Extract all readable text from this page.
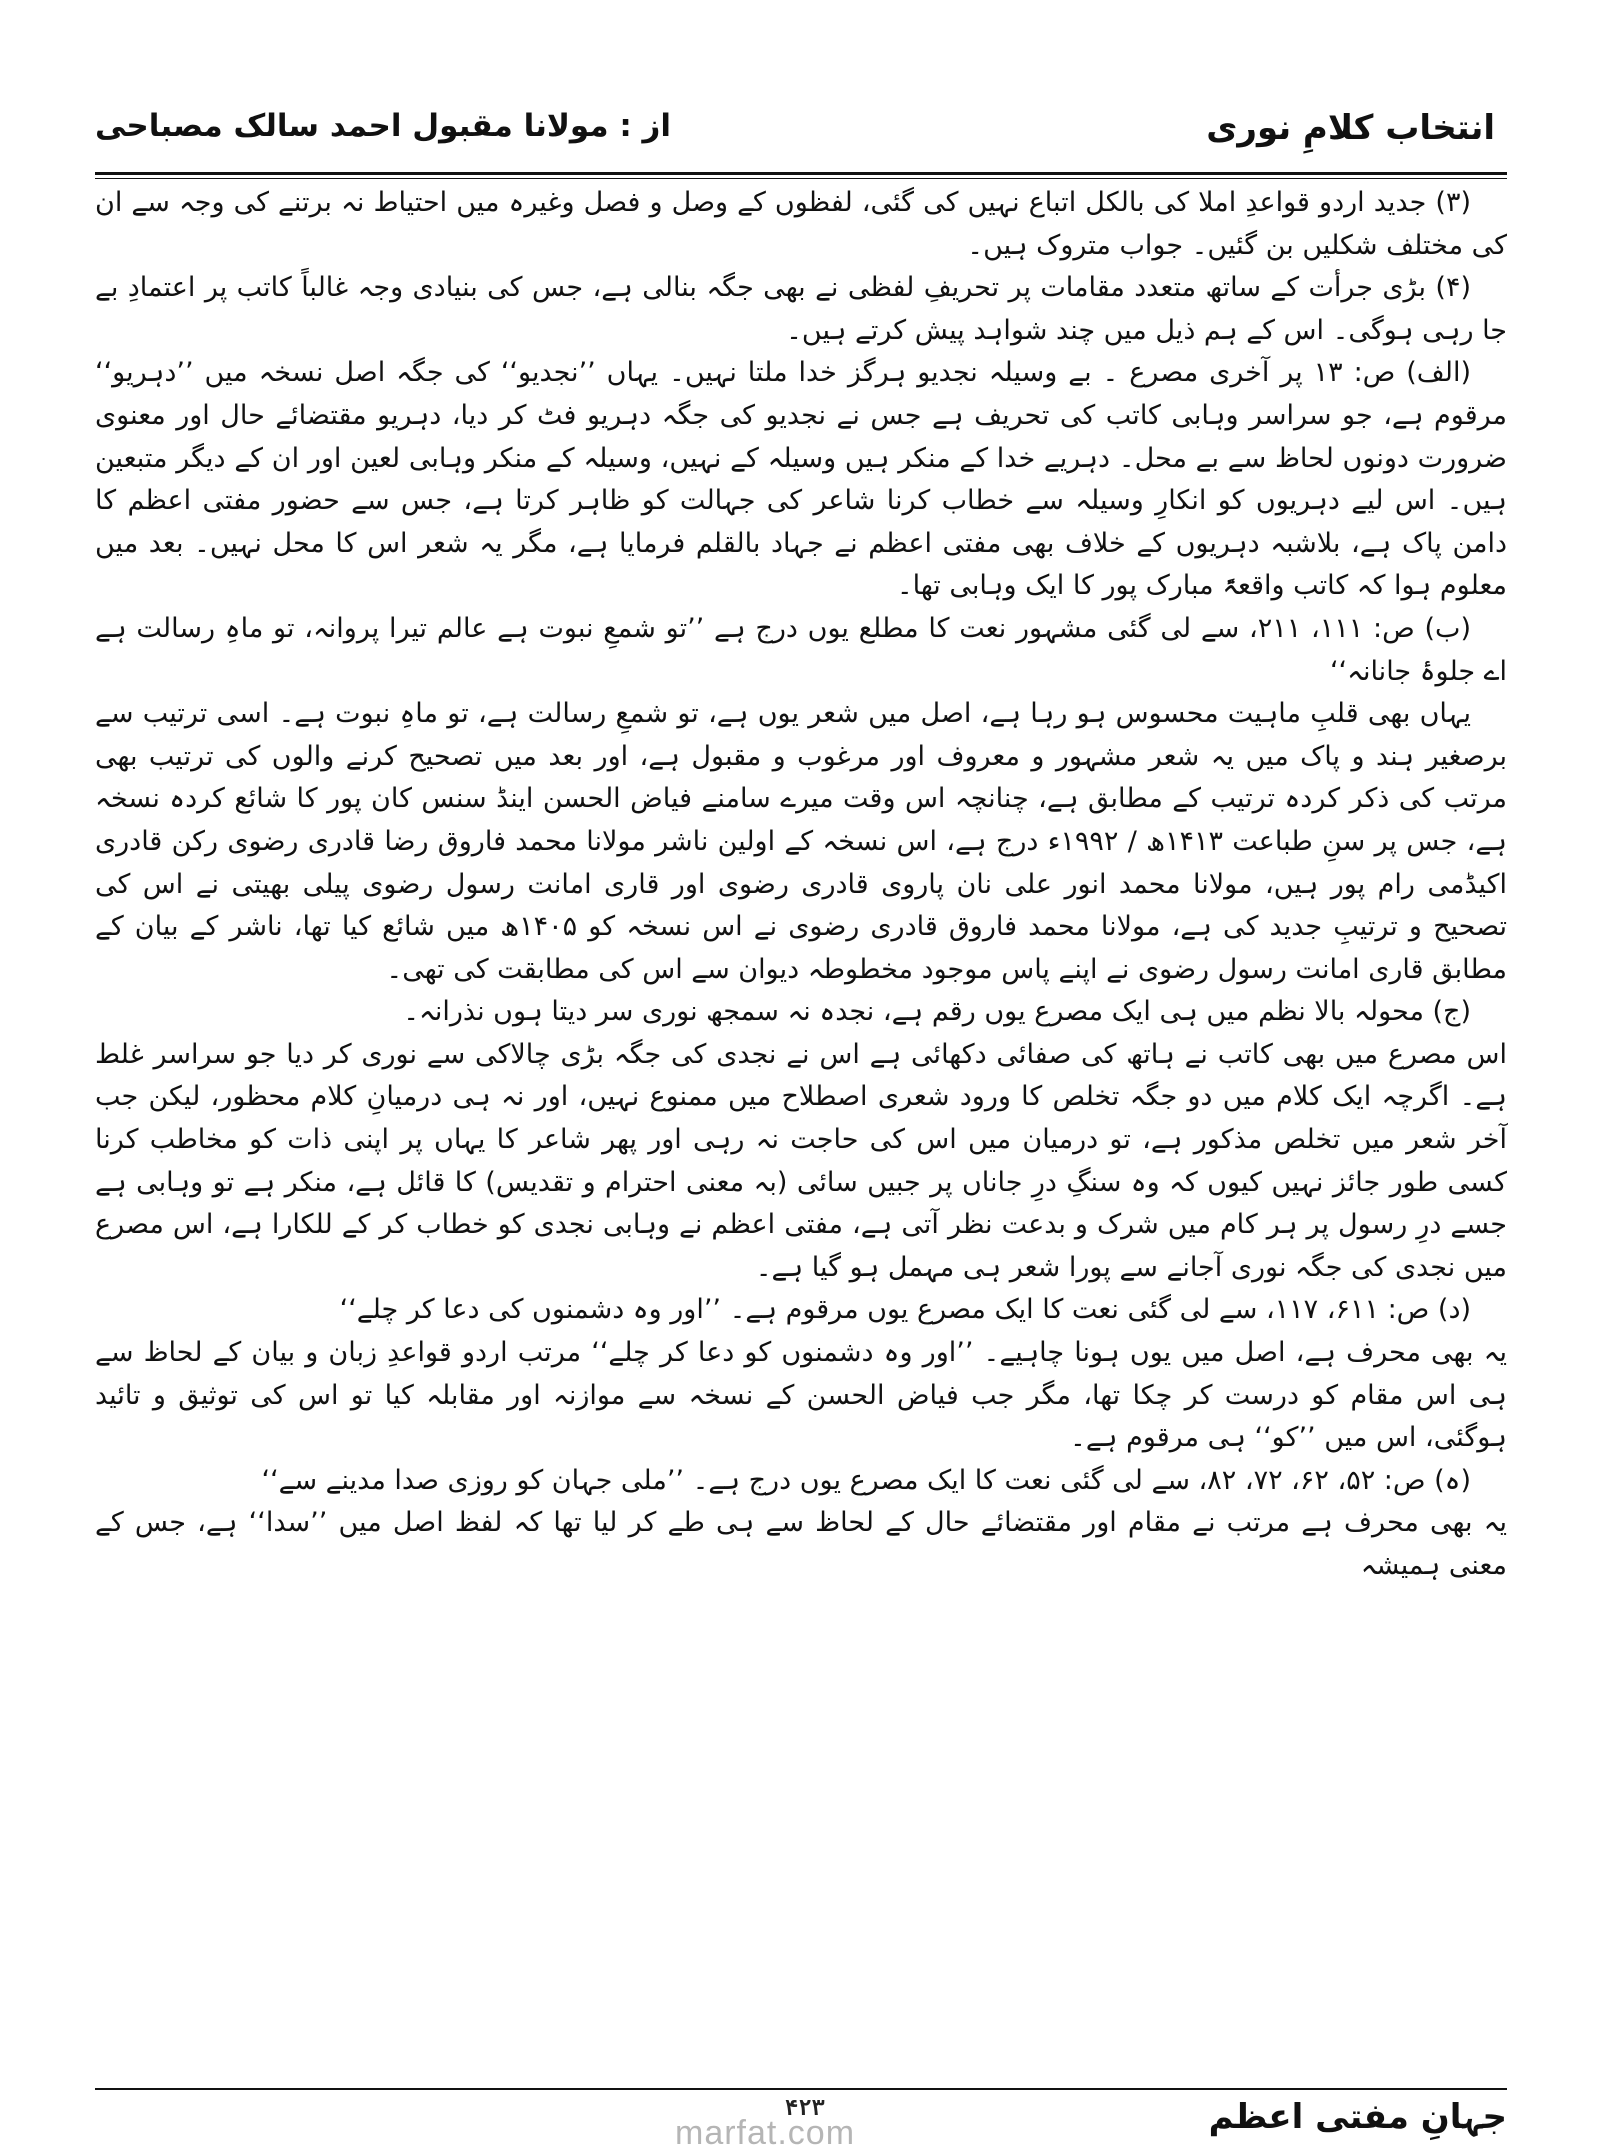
انتخاب کلامِ نوری
از : مولانا مقبول احمد سالک مصباحی

(۳) جدید اردو قواعدِ املا کی بالکل اتباع نہیں کی گئی، لفظوں کے وصل و فصل وغیرہ میں احتیاط نہ برتنے کی وجہ سے ان کی مختلف شکلیں بن گئیں۔ جواب متروک ہیں۔

(۴) بڑی جرأت کے ساتھ متعدد مقامات پر تحریفِ لفظی نے بھی جگہ بنالی ہے، جس کی بنیادی وجہ غالباً کاتب پر اعتمادِ بے جا رہی ہوگی۔ اس کے ہم ذیل میں چند شواہد پیش کرتے ہیں۔

(الف) ص: ۱۳ پر آخری مصرع ۔ بے وسیلہ نجدیو ہرگز خدا ملتا نہیں۔ یہاں ’’نجدیو‘‘ کی جگہ اصل نسخہ میں ’’دہریو‘‘ مرقوم ہے، جو سراسر وہابی کاتب کی تحریف ہے جس نے نجدیو کی جگہ دہریو فٹ کر دیا، دہریو مقتضائے حال اور معنوی ضرورت دونوں لحاظ سے بے محل۔ دہریے خدا کے منکر ہیں وسیلہ کے نہیں، وسیلہ کے منکر وہابی لعین اور ان کے دیگر متبعین ہیں۔ اس لیے دہریوں کو انکارِ وسیلہ سے خطاب کرنا شاعر کی جہالت کو ظاہر کرتا ہے، جس سے حضور مفتی اعظم کا دامن پاک ہے، بلاشبہ دہریوں کے خلاف بھی مفتی اعظم نے جہاد بالقلم فرمایا ہے، مگر یہ شعر اس کا محل نہیں۔ بعد میں معلوم ہوا کہ کاتب واقعۃً مبارک پور کا ایک وہابی تھا۔

(ب) ص: ۱۱۱، ۲۱۱، سے لی گئی مشہور نعت کا مطلع یوں درج ہے ’’تو شمعِ نبوت ہے عالم تیرا پروانہ، تو ماہِ رسالت ہے اے جلوۂ جانانہ‘‘

یہاں بھی قلبِ ماہیت محسوس ہو رہا ہے، اصل میں شعر یوں ہے، تو شمعِ رسالت ہے، تو ماہِ نبوت ہے۔ اسی ترتیب سے برصغیر ہند و پاک میں یہ شعر مشہور و معروف اور مرغوب و مقبول ہے، اور بعد میں تصحیح کرنے والوں کی ترتیب بھی مرتب کی ذکر کردہ ترتیب کے مطابق ہے، چنانچہ اس وقت میرے سامنے فیاض الحسن اینڈ سنس کان پور کا شائع کردہ نسخہ ہے، جس پر سنِ طباعت ۱۴۱۳ھ / ۱۹۹۲ء درج ہے، اس نسخہ کے اولین ناشر مولانا محمد فاروق رضا قادری رضوی رکن قادری اکیڈمی رام پور ہیں، مولانا محمد انور علی نان پاروی قادری رضوی اور قاری امانت رسول رضوی پیلی بھیتی نے اس کی تصحیح و ترتیبِ جدید کی ہے، مولانا محمد فاروق قادری رضوی نے اس نسخہ کو ۱۴۰۵ھ میں شائع کیا تھا، ناشر کے بیان کے مطابق قاری امانت رسول رضوی نے اپنے پاس موجود مخطوطہ دیوان سے اس کی مطابقت کی تھی۔

(ج) محولہ بالا نظم میں ہی ایک مصرع یوں رقم ہے، نجدہ نہ سمجھ نوری سر دیتا ہوں نذرانہ۔

اس مصرع میں بھی کاتب نے ہاتھ کی صفائی دکھائی ہے اس نے نجدی کی جگہ بڑی چالاکی سے نوری کر دیا جو سراسر غلط ہے۔ اگرچہ ایک کلام میں دو جگہ تخلص کا ورود شعری اصطلاح میں ممنوع نہیں، اور نہ ہی درمیانِ کلام محظور، لیکن جب آخر شعر میں تخلص مذکور ہے، تو درمیان میں اس کی حاجت نہ رہی اور پھر شاعر کا یہاں پر اپنی ذات کو مخاطب کرنا کسی طور جائز نہیں کیوں کہ وہ سنگِ درِ جاناں پر جبیں سائی (بہ معنی احترام و تقدیس) کا قائل ہے، منکر ہے تو وہابی ہے جسے درِ رسول پر ہر کام میں شرک و بدعت نظر آتی ہے، مفتی اعظم نے وہابی نجدی کو خطاب کر کے للکارا ہے، اس مصرع میں نجدی کی جگہ نوری آجانے سے پورا شعر ہی مہمل ہو گیا ہے۔

(د) ص: ۶۱۱، ۱۱۷، سے لی گئی نعت کا ایک مصرع یوں مرقوم ہے۔ ’’اور وہ دشمنوں کی دعا کر چلے‘‘

یہ بھی محرف ہے، اصل میں یوں ہونا چاہیے۔ ’’اور وہ دشمنوں کو دعا کر چلے‘‘ مرتب اردو قواعدِ زبان و بیان کے لحاظ سے ہی اس مقام کو درست کر چکا تھا، مگر جب فیاض الحسن کے نسخہ سے موازنہ اور مقابلہ کیا تو اس کی توثیق و تائید ہوگئی، اس میں ’’کو‘‘ ہی مرقوم ہے۔

(ہ) ص: ۵۲، ۶۲، ۷۲، ۸۲، سے لی گئی نعت کا ایک مصرع یوں درج ہے۔ ’’ملی جہان کو روزی صدا مدینے سے‘‘

یہ بھی محرف ہے مرتب نے مقام اور مقتضائے حال کے لحاظ سے ہی طے کر لیا تھا کہ لفظ اصل میں ’’سدا‘‘ ہے، جس کے معنی ہمیشہ

جہانِ مفتی اعظم
۴۲۳
marfat.com
